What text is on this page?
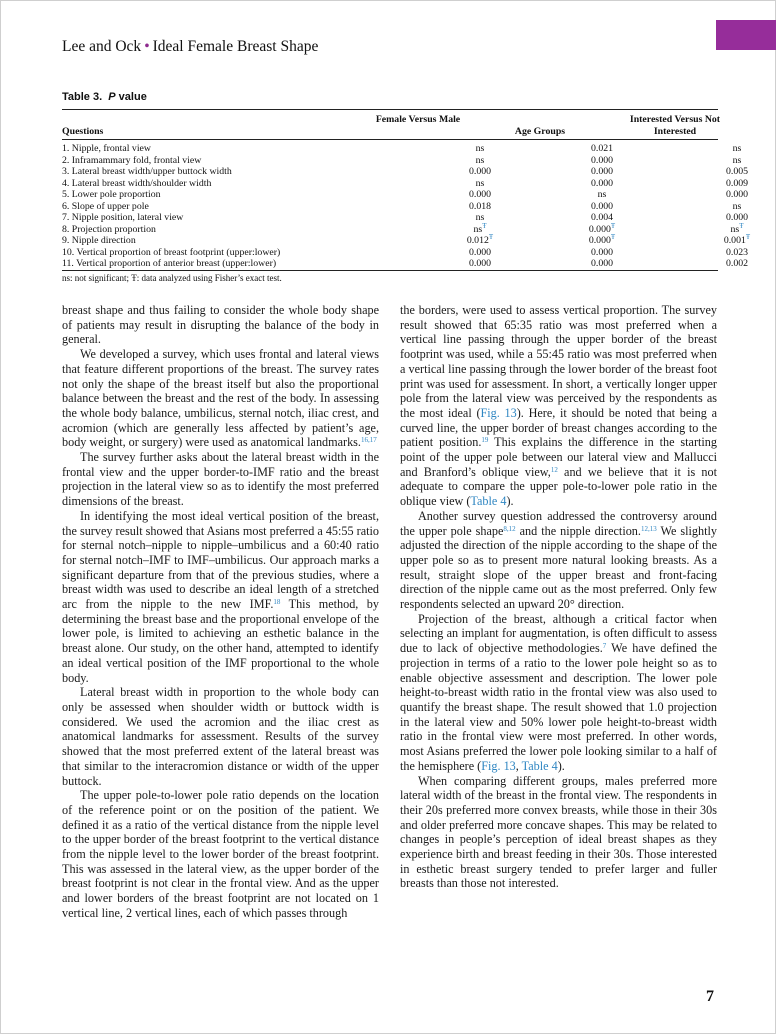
Lee and Ock • Ideal Female Breast Shape
Table 3. P value
Questions
Female Versus Male
Age Groups
Interested Versus Not Interested
1. Nipple, frontal view	ns	0.021	ns
2. Inframammary fold, frontal view	ns	0.000	ns
3. Lateral breast width/upper buttock width	0.000	0.000	0.005
4. Lateral breast width/shoulder width	ns	0.000	0.009
5. Lower pole proportion	0.000	ns	0.000
6. Slope of upper pole	0.018	0.000	ns
7. Nipple position, lateral view	ns	0.004	0.000
8. Projection proportion	$ns^Ŧ$	$0.000^Ŧ$	$ns^Ŧ$
9. Nipple direction	$0.012^Ŧ$	$0.000^Ŧ$	$0.001^Ŧ$
10. Vertical proportion of breast footprint (upper:lower)	0.000	0.000	0.023
11. Vertical proportion of anterior breast (upper:lower)	0.000	0.000	0.002
ns: not significant; Ŧ: data analyzed using Fisher’s exact test.

breast shape and thus failing to consider the whole body shape of patients may result in disrupting the balance of the body in general.

We developed a survey, which uses frontal and lateral views that feature different proportions of the breast. The survey rates not only the shape of the breast itself but also the proportional balance between the breast and the rest of the body. In assessing the whole body balance, umbilicus, sternal notch, iliac crest, and acromion (which are generally less affected by patient’s age, body weight, or surgery) were used as anatomical landmarks.$^{16,17}$

The survey further asks about the lateral breast width in the frontal view and the upper border-to-IMF ratio and the breast projection in the lateral view so as to identify the most preferred dimensions of the breast.

In identifying the most ideal vertical position of the breast, the survey result showed that Asians most preferred a 45:55 ratio for sternal notch–nipple to nipple–umbilicus and a 60:40 ratio for sternal notch–IMF to IMF–umbilicus. Our approach marks a significant departure from that of the previous studies, where a breast width was used to describe an ideal length of a stretched arc from the nipple to the new IMF.$^{18}$ This method, by determining the breast base and the proportional envelope of the lower pole, is limited to achieving an esthetic balance in the breast alone. Our study, on the other hand, attempted to identify an ideal vertical position of the IMF proportional to the whole body.

Lateral breast width in proportion to the whole body can only be assessed when shoulder width or buttock width is considered. We used the acromion and the iliac crest as anatomical landmarks for assessment. Results of the survey showed that the most preferred extent of the lateral breast was that similar to the interacromion distance or width of the upper buttock.

The upper pole-to-lower pole ratio depends on the location of the reference point or on the position of the patient. We defined it as a ratio of the vertical distance from the nipple level to the upper border of the breast footprint to the vertical distance from the nipple level to the lower border of the breast footprint. This was assessed in the lateral view, as the upper border of the breast footprint is not clear in the frontal view. And as the upper and lower borders of the breast footprint are not located on 1 vertical line, 2 vertical lines, each of which passes through

the borders, were used to assess vertical proportion. The survey result showed that 65:35 ratio was most preferred when a vertical line passing through the upper border of the breast footprint was used, while a 55:45 ratio was most preferred when a vertical line passing through the lower border of the breast foot print was used for assessment. In short, a vertically longer upper pole from the lateral view was perceived by the respondents as the most ideal (Fig. 13). Here, it should be noted that being a curved line, the upper border of breast changes according to the patient position.$^{19}$ This explains the difference in the starting point of the upper pole between our lateral view and Mallucci and Branford’s oblique view,$^{12}$ and we believe that it is not adequate to compare the upper pole-to-lower pole ratio in the oblique view (Table 4).

Another survey question addressed the controversy around the upper pole shape$^{8,12}$ and the nipple direction.$^{12,13}$ We slightly adjusted the direction of the nipple according to the shape of the upper pole so as to present more natural looking breasts. As a result, straight slope of the upper breast and front-facing direction of the nipple came out as the most preferred. Only few respondents selected an upward 20° direction.

Projection of the breast, although a critical factor when selecting an implant for augmentation, is often difficult to assess due to lack of objective methodologies.$^7$ We have defined the projection in terms of a ratio to the lower pole height so as to enable objective assessment and description. The lower pole height-to-breast width ratio in the frontal view was also used to quantify the breast shape. The result showed that 1.0 projection in the lateral view and 50% lower pole height-to-breast width ratio in the frontal view were most preferred. In other words, most Asians preferred the lower pole looking similar to a half of the hemisphere (Fig. 13, Table 4).

When comparing different groups, males preferred more lateral width of the breast in the frontal view. The respondents in their 20s preferred more convex breasts, while those in their 30s and older preferred more concave shapes. This may be related to changes in people’s perception of ideal breast shapes as they experience birth and breast feeding in their 30s. Those interested in esthetic breast surgery tended to prefer larger and fuller breasts than those not interested.

7
